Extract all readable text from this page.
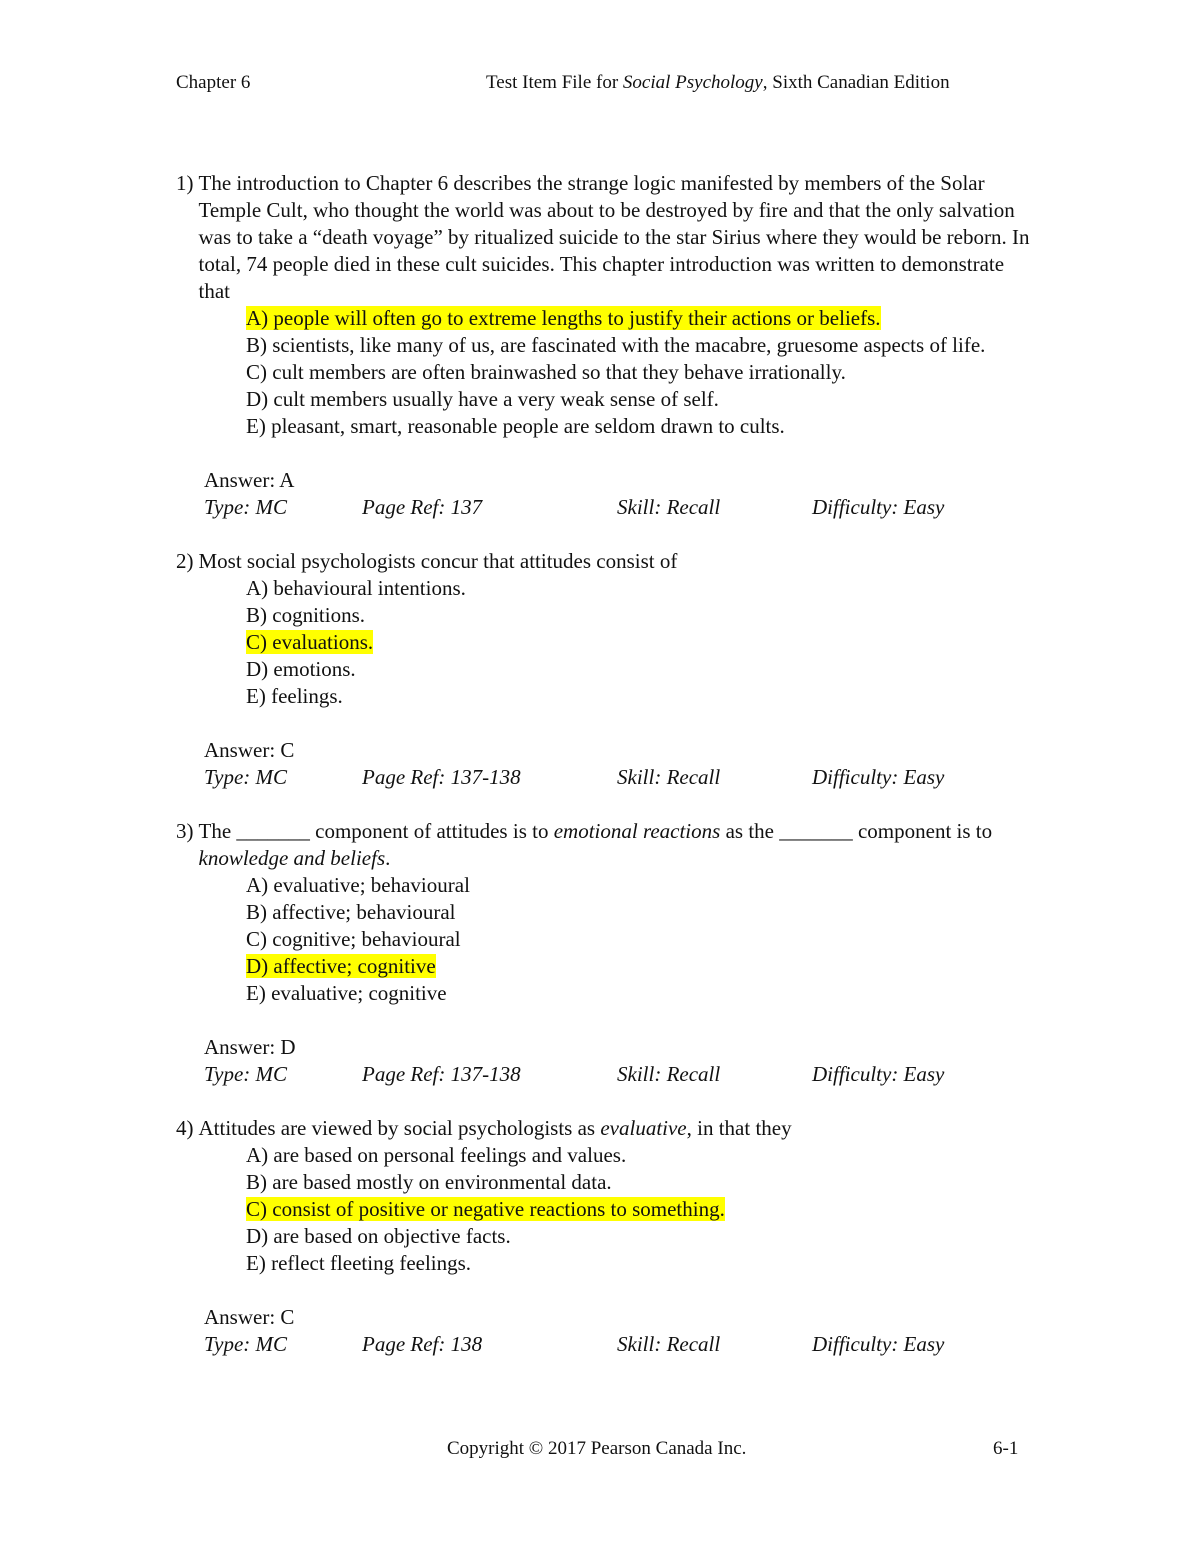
Chapter 6	Test Item File for Social Psychology, Sixth Canadian Edition
1) The introduction to Chapter 6 describes the strange logic manifested by members of the Solar Temple Cult, who thought the world was about to be destroyed by fire and that the only salvation was to take a “death voyage” by ritualized suicide to the star Sirius where they would be reborn. In total, 74 people died in these cult suicides. This chapter introduction was written to demonstrate that
A) people will often go to extreme lengths to justify their actions or beliefs.
B) scientists, like many of us, are fascinated with the macabre, gruesome aspects of life.
C) cult members are often brainwashed so that they behave irrationally.
D) cult members usually have a very weak sense of self.
E) pleasant, smart, reasonable people are seldom drawn to cults.
Answer: A
Type: MC	Page Ref: 137	Skill: Recall	Difficulty: Easy
2) Most social psychologists concur that attitudes consist of
A) behavioural intentions.
B) cognitions.
C) evaluations.
D) emotions.
E) feelings.
Answer: C
Type: MC	Page Ref: 137-138	Skill: Recall	Difficulty: Easy
3) The _______ component of attitudes is to emotional reactions as the _______ component is to knowledge and beliefs.
A) evaluative; behavioural
B) affective; behavioural
C) cognitive; behavioural
D) affective; cognitive
E) evaluative; cognitive
Answer: D
Type: MC	Page Ref: 137-138	Skill: Recall	Difficulty: Easy
4) Attitudes are viewed by social psychologists as evaluative, in that they
A) are based on personal feelings and values.
B) are based mostly on environmental data.
C) consist of positive or negative reactions to something.
D) are based on objective facts.
E) reflect fleeting feelings.
Answer: C
Type: MC	Page Ref: 138	Skill: Recall	Difficulty: Easy
Copyright © 2017 Pearson Canada Inc.	6-1
